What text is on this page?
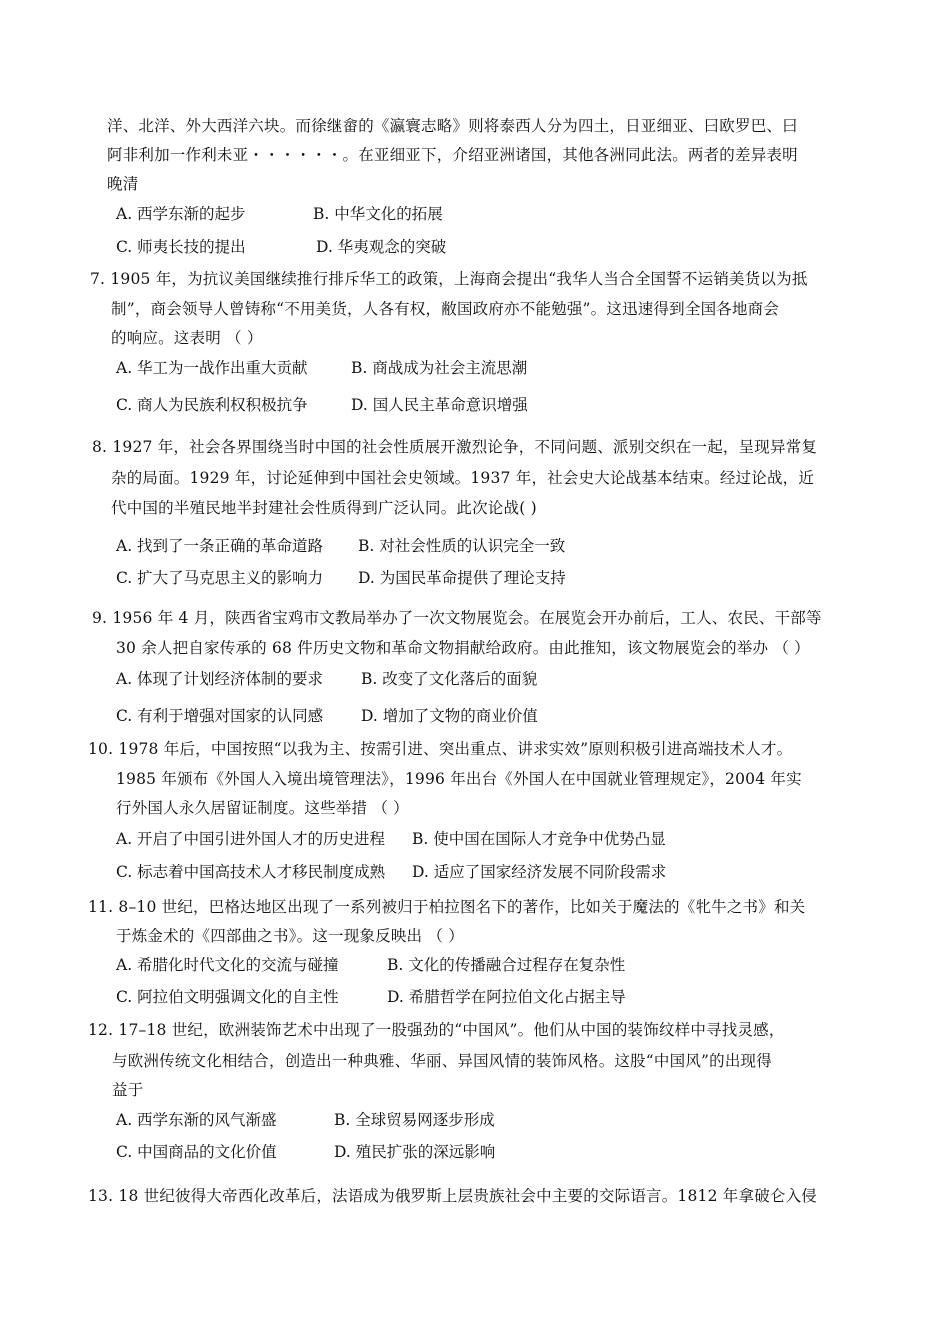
洋、北洋、外大西洋六块。而徐继畲的《瀛寰志略》则将泰西人分为四土，日亚细亚、曰欧罗巴、曰
阿非利加一作利未亚・・・・・・。在亚细亚下，介绍亚洲诸国，其他各洲同此法。两者的差异表明
晚清
A. 西学东渐的起步	B. 中华文化的拓展
C. 师夷长技的提出	D. 华夷观念的突破
7. 1905 年，为抗议美国继续推行排斥华工的政策，上海商会提出“我华人当合全国誓不运销美货以为抵
制”，商会领导人曾铸称“不用美货，人各有权，敝国政府亦不能勉强”。这迅速得到全国各地商会
的响应。这表明 （ ）
A. 华工为一战作出重大贡献	B. 商战成为社会主流思潮
C. 商人为民族利权积极抗争	D. 国人民主革命意识增强
8. 1927 年，社会各界围绕当时中国的社会性质展开激烈论争，不同问题、派别交织在一起，呈现异常复
杂的局面。1929 年，讨论延伸到中国社会史领域。1937 年，社会史大论战基本结束。经过论战，近
代中国的半殖民地半封建社会性质得到广泛认同。此次论战( )
A. 找到了一条正确的革命道路 B. 对社会性质的认识完全一致
C. 扩大了马克思主义的影响力 D. 为国民革命提供了理论支持
9. 1956 年 4 月，陕西省宝鸡市文教局举办了一次文物展览会。在展览会开办前后，工人、农民、干部等
30 余人把自家传承的 68 件历史文物和革命文物捐献给政府。由此推知，该文物展览会的举办 （ ）
A. 体现了计划经济体制的要求 B. 改变了文化落后的面貌
C. 有利于增强对国家的认同感 D. 增加了文物的商业价值
10. 1978 年后，中国按照“以我为主、按需引进、突出重点、讲求实效”原则积极引进高端技术人才。
1985 年颁布《外国人入境出境管理法》，1996 年出台《外国人在中国就业管理规定》，2004 年实
行外国人永久居留证制度。这些举措 （ ）
A. 开启了中国引进外国人才的历史进程 B. 使中国在国际人才竞争中优势凸显
C. 标志着中国高技术人才移民制度成熟 D. 适应了国家经济发展不同阶段需求
11. 8–10 世纪，巴格达地区出现了一系列被归于柏拉图名下的著作，比如关于魔法的《牝牛之书》和关
于炼金术的《四部曲之书》。这一现象反映出 （ ）
A. 希腊化时代文化的交流与碰撞	B. 文化的传播融合过程存在复杂性
C. 阿拉伯文明强调文化的自主性	D. 希腊哲学在阿拉伯文化占据主导
12. 17–18 世纪，欧洲装饰艺术中出现了一股强劲的“中国风”。他们从中国的装饰纹样中寻找灵感，
与欧洲传统文化相结合，创造出一种典雅、华丽、异国风情的装饰风格。这股“中国风”的出现得
益于
A. 西学东渐的风气渐盛	B. 全球贸易网逐步形成
C. 中国商品的文化价值	D. 殖民扩张的深远影响
13. 18 世纪彼得大帝西化改革后，法语成为俄罗斯上层贵族社会中主要的交际语言。1812 年拿破仑入侵
